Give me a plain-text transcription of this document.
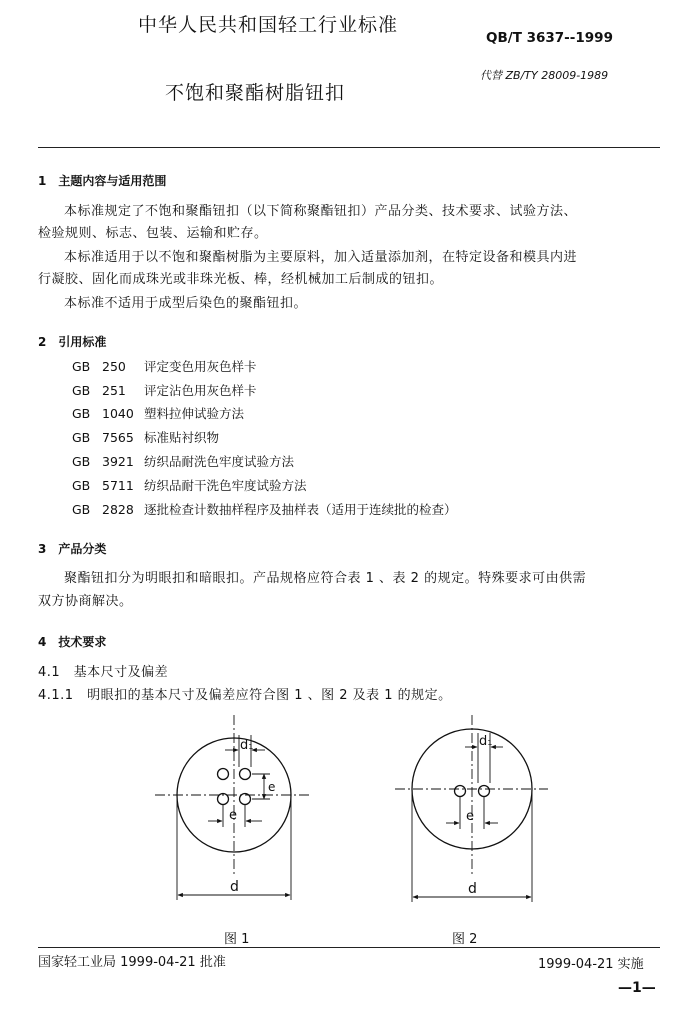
中华人民共和国轻工行业标准
QB/T 3637--1999
不饱和聚酯树脂钮扣
代替 ZB/TY 28009-1989
1　主题内容与适用范围
本标准规定了不饱和聚酯钮扣（以下简称聚酯钮扣）产品分类、技术要求、试验方法、
检验规则、标志、包装、运输和贮存。
本标准适用于以不饱和聚酯树脂为主要原料，加入适量添加剂，在特定设备和模具内进
行凝胶、固化而成珠光或非珠光板、棒，经机械加工后制成的钮扣。
本标准不适用于成型后染色的聚酯钮扣。
2　引用标准
GB 250 评定变色用灰色样卡
GB 251 评定沾色用灰色样卡
GB 1040 塑料拉伸试验方法
GB 7565 标准贴衬织物
GB 3921 纺织品耐洗色牢度试验方法
GB 5711 纺织品耐干洗色牢度试验方法
GB 2828 逐批检查计数抽样程序及抽样表（适用于连续批的检查）
3　产品分类
聚酯钮扣分为明眼扣和暗眼扣。产品规格应符合表 1 、表 2 的规定。特殊要求可由供需
双方协商解决。
4　技术要求
4.1　基本尺寸及偏差
4.1.1　明眼扣的基本尺寸及偏差应符合图 1 、图 2 及表 1 的规定。
d₁
e
e
d
图 1
d₁
e
d
图 2
国家轻工业局 1999-04-21 批准	1999-04-21 实施
—1—
